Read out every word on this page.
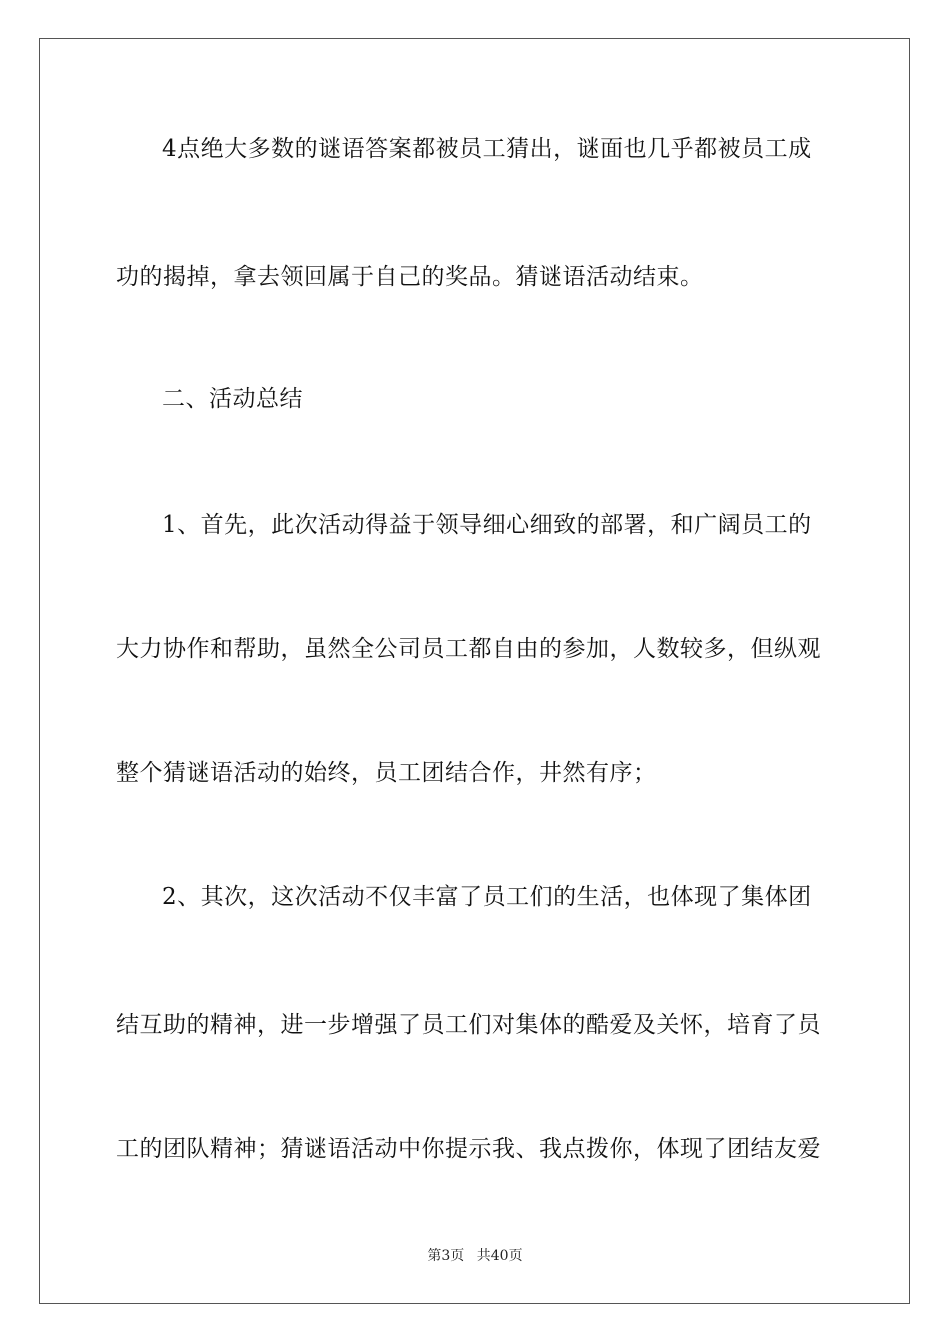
4点绝大多数的谜语答案都被员工猜出，谜面也几乎都被员工成
功的揭掉，拿去领回属于自己的奖品。猜谜语活动结束。
二、活动总结
1、首先，此次活动得益于领导细心细致的部署，和广阔员工的
大力协作和帮助，虽然全公司员工都自由的参加，人数较多，但纵观
整个猜谜语活动的始终，员工团结合作，井然有序；
2、其次，这次活动不仅丰富了员工们的生活，也体现了集体团
结互助的精神，进一步增强了员工们对集体的酷爱及关怀，培育了员
工的团队精神；猜谜语活动中你提示我、我点拨你，体现了团结友爱
第3页 共40页
